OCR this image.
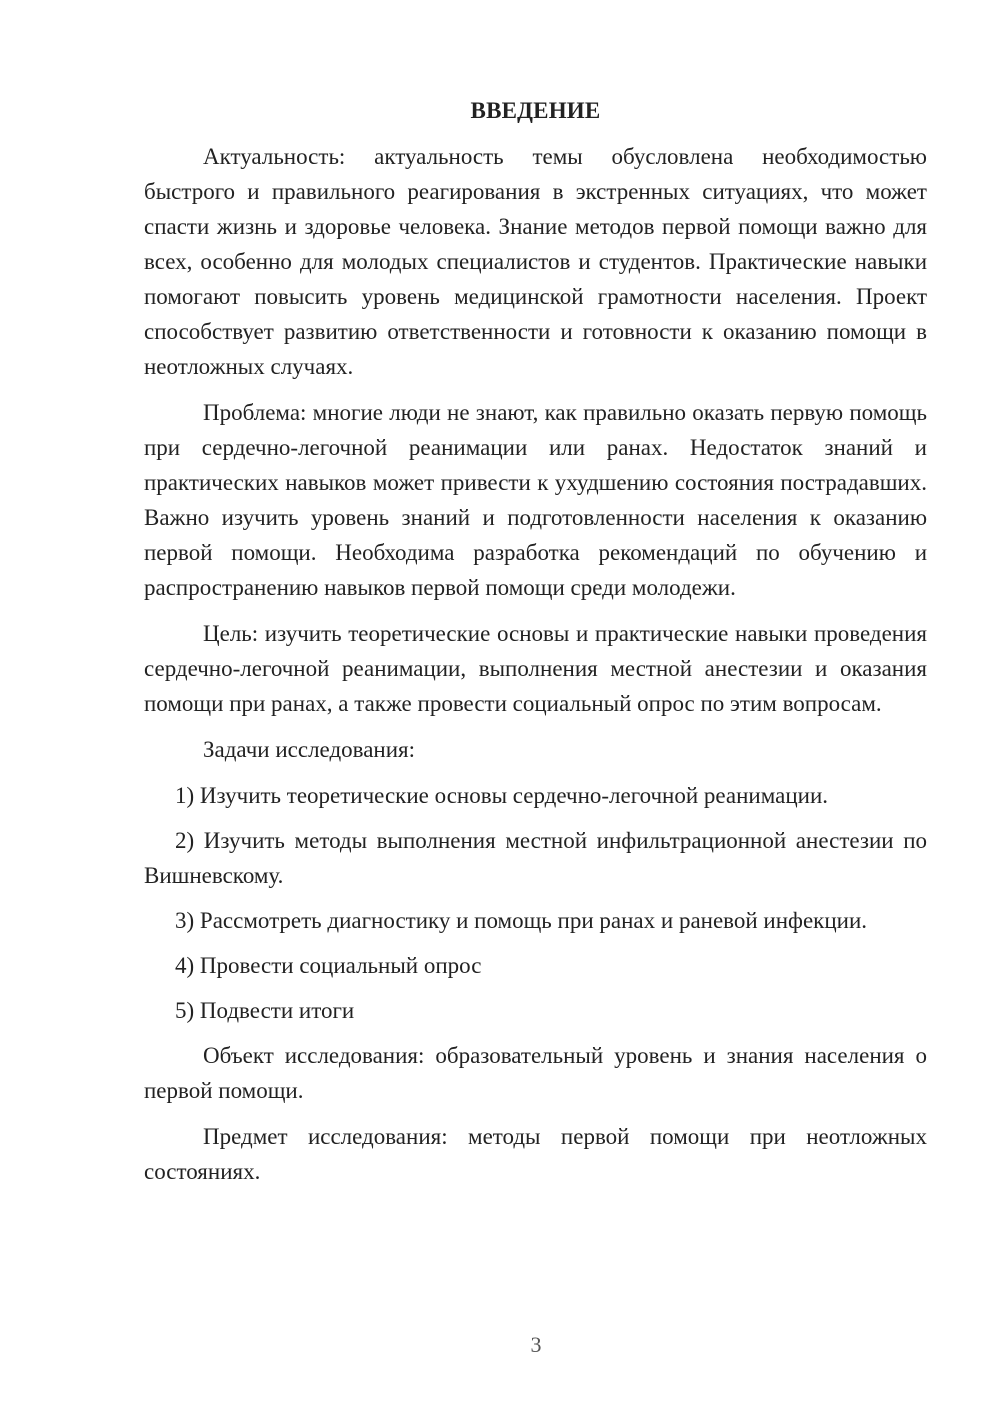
ВВЕДЕНИЕ

Актуальность: актуальность темы обусловлена необходимостью быстрого и правильного реагирования в экстренных ситуациях, что может спасти жизнь и здоровье человека. Знание методов первой помощи важно для всех, особенно для молодых специалистов и студентов. Практические навыки помогают повысить уровень медицинской грамотности населения. Проект способствует развитию ответственности и готовности к оказанию помощи в неотложных случаях.

Проблема: многие люди не знают, как правильно оказать первую помощь при сердечно-легочной реанимации или ранах. Недостаток знаний и практических навыков может привести к ухудшению состояния пострадавших. Важно изучить уровень знаний и подготовленности населения к оказанию первой помощи. Необходима разработка рекомендаций по обучению и распространению навыков первой помощи среди молодежи.

Цель: изучить теоретические основы и практические навыки проведения сердечно-легочной реанимации, выполнения местной анестезии и оказания помощи при ранах, а также провести социальный опрос по этим вопросам.

Задачи исследования:

1) Изучить теоретические основы сердечно-легочной реанимации.

2) Изучить методы выполнения местной инфильтрационной анестезии по Вишневскому.

3) Рассмотреть диагностику и помощь при ранах и раневой инфекции.

4) Провести социальный опрос

5) Подвести итоги

Объект исследования: образовательный уровень и знания населения о первой помощи.

Предмет исследования: методы первой помощи при неотложных состояниях.

3
